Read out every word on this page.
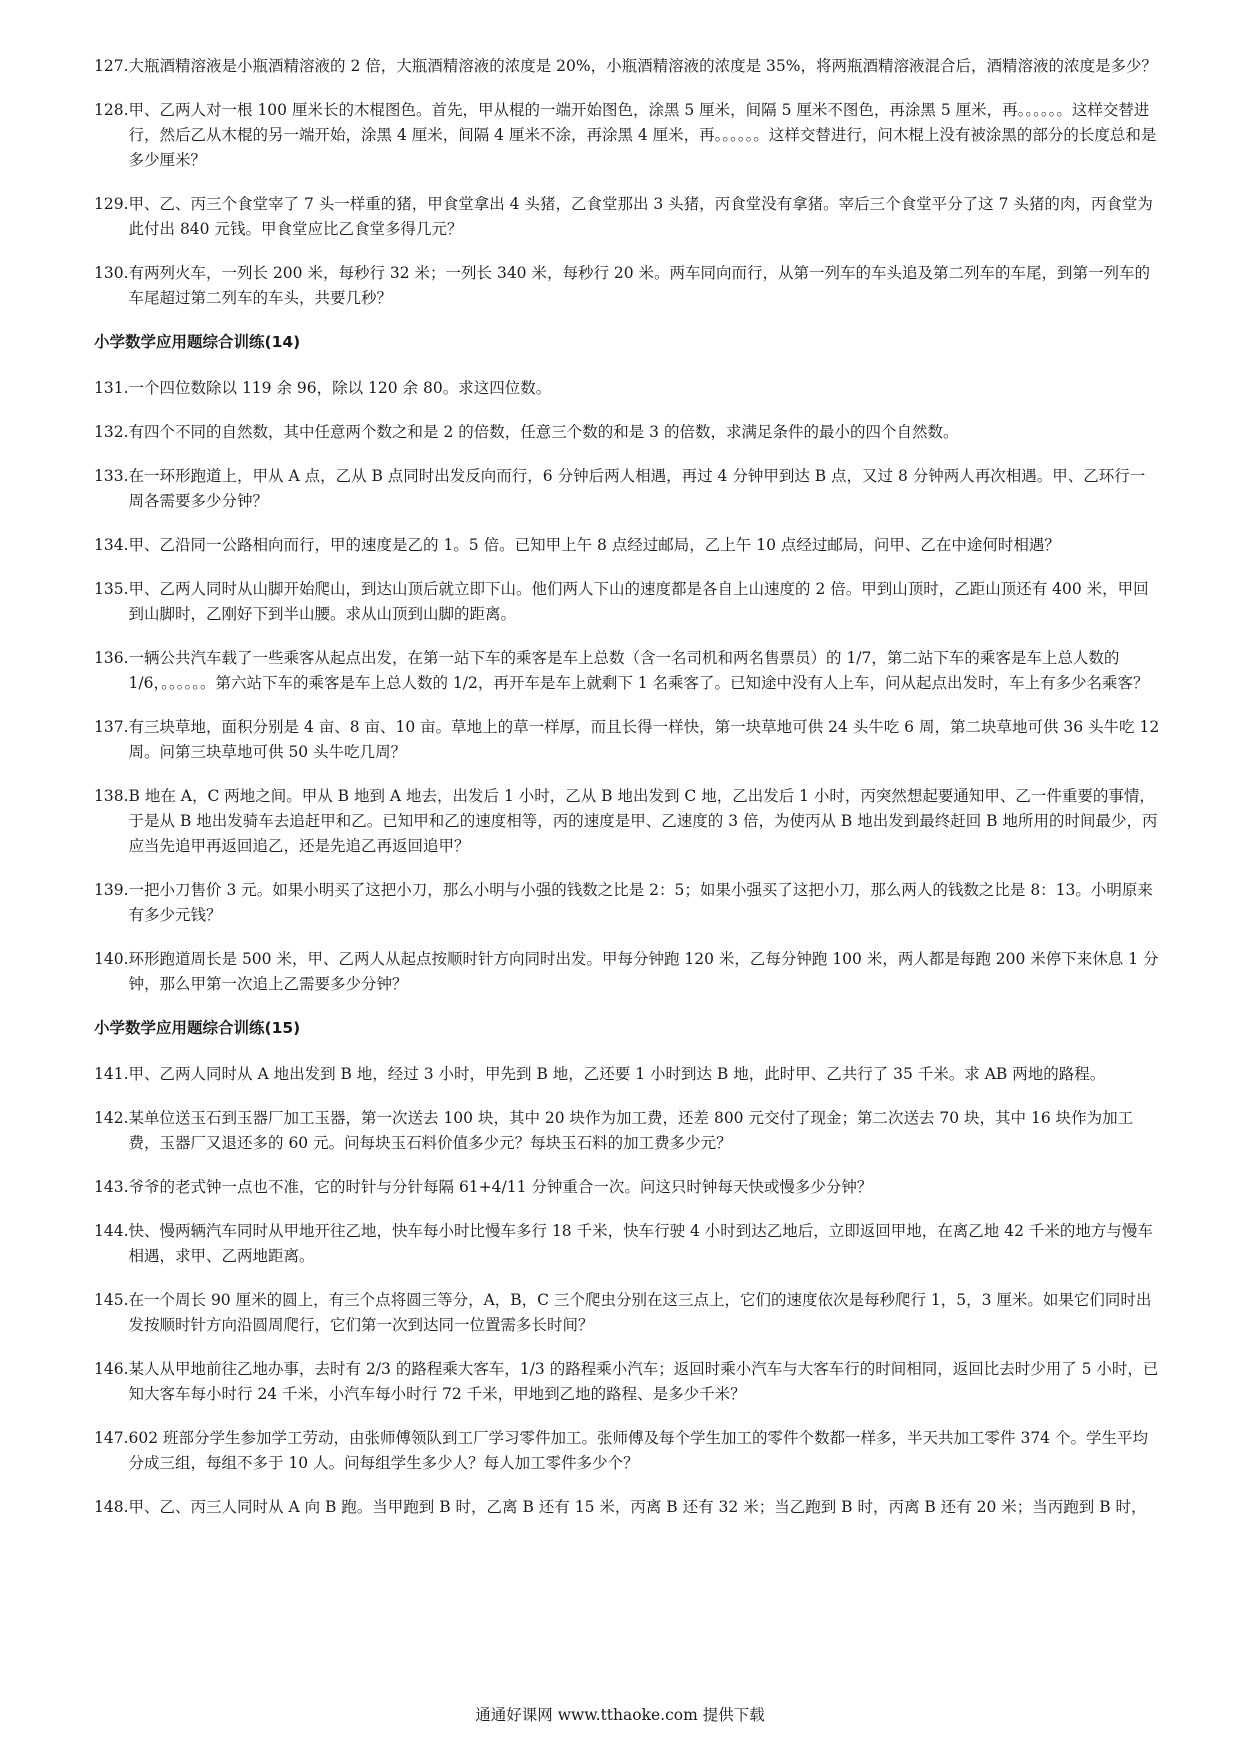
127. 大瓶酒精溶液是小瓶酒精溶液的 2 倍，大瓶酒精溶液的浓度是 20%，小瓶酒精溶液的浓度是 35%，将两瓶酒精溶液混合后，酒精溶液的浓度是多少？
128. 甲、乙两人对一根 100 厘米长的木棍图色。首先，甲从棍的一端开始图色，涂黑 5 厘米，间隔 5 厘米不图色，再涂黑 5 厘米，再。。。。。。这样交替进行，然后乙从木棍的另一端开始，涂黑 4 厘米，间隔 4 厘米不涂，再涂黑 4 厘米，再。。。。。。这样交替进行，问木棍上没有被涂黑的部分的长度总和是多少厘米？
129. 甲、乙、丙三个食堂宰了 7 头一样重的猪，甲食堂拿出 4 头猪，乙食堂那出 3 头猪，丙食堂没有拿猪。宰后三个食堂平分了这 7 头猪的肉，丙食堂为此付出 840 元钱。甲食堂应比乙食堂多得几元？
130. 有两列火车，一列长 200 米，每秒行 32 米；一列长 340 米，每秒行 20 米。两车同向而行，从第一列车的车头追及第二列车的车尾，到第一列车的车尾超过第二列车的车头，共要几秒？
小学数学应用题综合训练(14)
131. 一个四位数除以 119 余 96，除以 120 余 80。求这四位数。
132. 有四个不同的自然数，其中任意两个数之和是 2 的倍数，任意三个数的和是 3 的倍数，求满足条件的最小的四个自然数。
133. 在一环形跑道上，甲从 A 点，乙从 B 点同时出发反向而行，6 分钟后两人相遇，再过 4 分钟甲到达 B 点，又过 8 分钟两人再次相遇。甲、乙环行一周各需要多少分钟？
134. 甲、乙沿同一公路相向而行，甲的速度是乙的 1。5 倍。已知甲上午 8 点经过邮局，乙上午 10 点经过邮局，问甲、乙在中途何时相遇？
135. 甲、乙两人同时从山脚开始爬山，到达山顶后就立即下山。他们两人下山的速度都是各自上山速度的 2 倍。甲到山顶时，乙距山顶还有 400 米，甲回到山脚时，乙刚好下到半山腰。求从山顶到山脚的距离。
136. 一辆公共汽车载了一些乘客从起点出发，在第一站下车的乘客是车上总数（含一名司机和两名售票员）的 1/7，第二站下车的乘客是车上总人数的 1/6，。。。。。。第六站下车的乘客是车上总人数的 1/2，再开车是车上就剩下 1 名乘客了。已知途中没有人上车，问从起点出发时，车上有多少名乘客？
137. 有三块草地，面积分别是 4 亩、8 亩、10 亩。草地上的草一样厚，而且长得一样快，第一块草地可供 24 头牛吃 6 周，第二块草地可供 36 头牛吃 12 周。问第三块草地可供 50 头牛吃几周？
138. B 地在 A，C 两地之间。甲从 B 地到 A 地去，出发后 1 小时，乙从 B 地出发到 C 地，乙出发后 1 小时，丙突然想起要通知甲、乙一件重要的事情，于是从 B 地出发骑车去追赶甲和乙。已知甲和乙的速度相等，丙的速度是甲、乙速度的 3 倍，为使丙从 B 地出发到最终赶回 B 地所用的时间最少，丙应当先追甲再返回追乙，还是先追乙再返回追甲？
139. 一把小刀售价 3 元。如果小明买了这把小刀，那么小明与小强的钱数之比是 2：5；如果小强买了这把小刀，那么两人的钱数之比是 8：13。小明原来有多少元钱？
140. 环形跑道周长是 500 米，甲、乙两人从起点按顺时针方向同时出发。甲每分钟跑 120 米，乙每分钟跑 100 米，两人都是每跑 200 米停下来休息 1 分钟，那么甲第一次追上乙需要多少分钟？
小学数学应用题综合训练(15)
141. 甲、乙两人同时从 A 地出发到 B 地，经过 3 小时，甲先到 B 地，乙还要 1 小时到达 B 地，此时甲、乙共行了 35 千米。求 AB 两地的路程。
142. 某单位送玉石到玉器厂加工玉器，第一次送去 100 块，其中 20 块作为加工费，还差 800 元交付了现金；第二次送去 70 块，其中 16 块作为加工费，玉器厂又退还多的 60 元。问每块玉石料价值多少元？每块玉石料的加工费多少元？
143. 爷爷的老式钟一点也不准，它的时针与分针每隔 61+4/11 分钟重合一次。问这只时钟每天快或慢多少分钟？
144. 快、慢两辆汽车同时从甲地开往乙地，快车每小时比慢车多行 18 千米，快车行驶 4 小时到达乙地后，立即返回甲地，在离乙地 42 千米的地方与慢车相遇，求甲、乙两地距离。
145. 在一个周长 90 厘米的圆上，有三个点将圆三等分，A，B，C 三个爬虫分别在这三点上，它们的速度依次是每秒爬行 1，5，3 厘米。如果它们同时出发按顺时针方向沿圆周爬行，它们第一次到达同一位置需多长时间？
146. 某人从甲地前往乙地办事，去时有 2/3 的路程乘大客车，1/3 的路程乘小汽车；返回时乘小汽车与大客车行的时间相同，返回比去时少用了 5 小时，已知大客车每小时行 24 千米，小汽车每小时行 72 千米，甲地到乙地的路程、是多少千米？
147. 602 班部分学生参加学工劳动，由张师傅领队到工厂学习零件加工。张师傅及每个学生加工的零件个数都一样多，半天共加工零件 374 个。学生平均分成三组，每组不多于 10 人。问每组学生多少人？每人加工零件多少个？
148. 甲、乙、丙三人同时从 A 向 B 跑。当甲跑到 B 时，乙离 B 还有 15 米，丙离 B 还有 32 米；当乙跑到 B 时，丙离 B 还有 20 米；当丙跑到 B 时，
通通好课网 www.tthaoke.com 提供下载
